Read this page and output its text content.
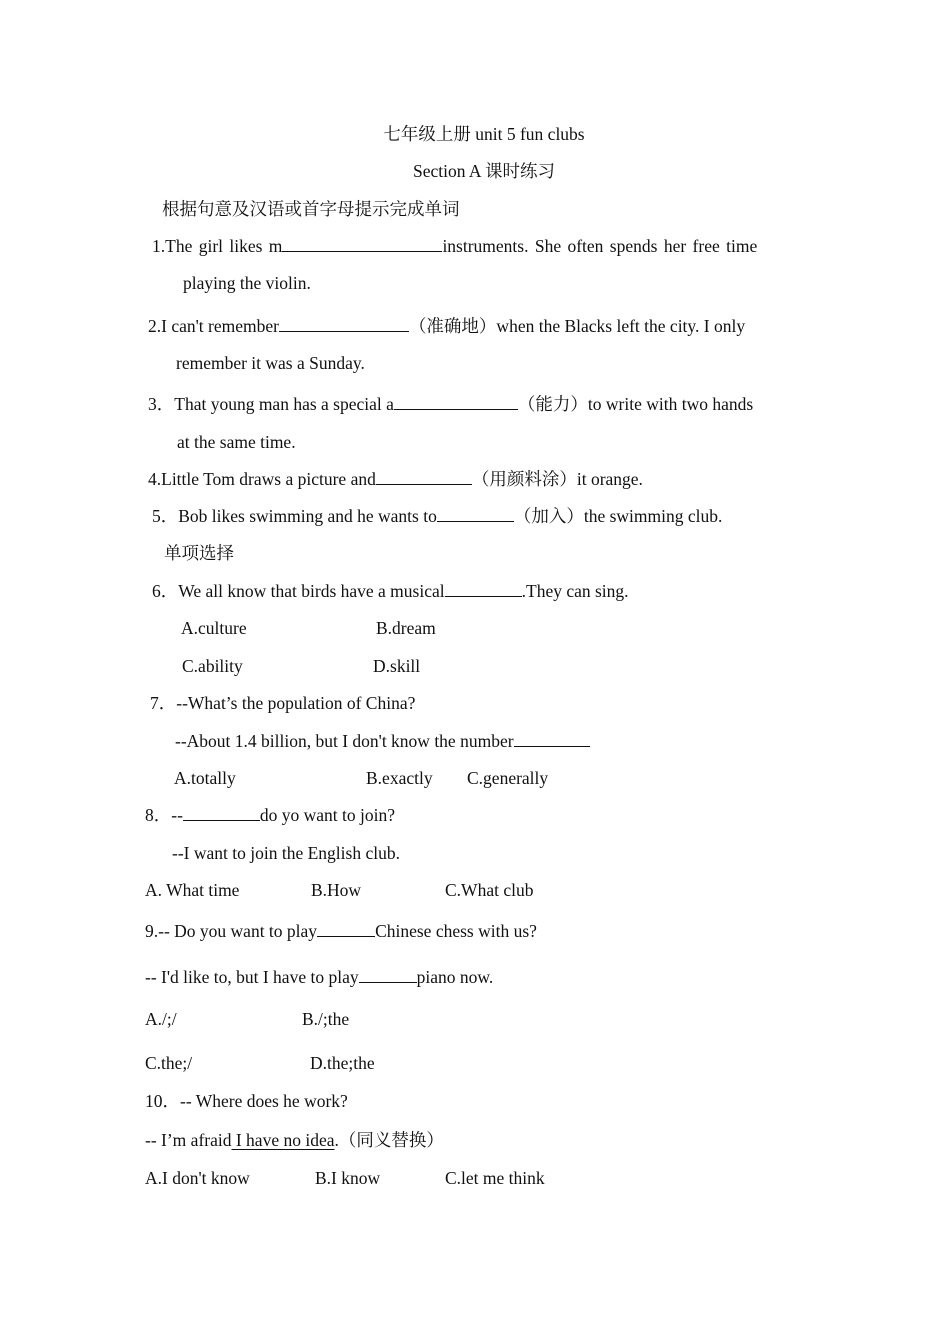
七年级上册 unit 5 fun clubs
Section A 课时练习
根据句意及汉语或首字母提示完成单词
1.The girl likes m	instruments. She often spends her free time
playing the violin.
2.I can't remember	（准确地）when the Blacks left the city. I only
remember it was a Sunday.
3．That young man has a special a	（能力）to write with two hands
at the same time.
4.Little Tom draws a picture and	（用颜料涂）it orange.
5．Bob likes swimming and he wants to	（加入）the swimming club.
单项选择
6．We all know that birds have a musical	.They can sing.
A.culture	B.dream
C.ability	D.skill
7．--What’s the population of China?
--About 1.4 billion, but I don't know the number
A.totally	B.exactly C.generally
8．--	do yo want to join?
--I want to join the English club.
A. What time	B.How	C.What club
9.-- Do you want to play	Chinese chess with us?
-- I'd like to, but I have to play	piano now.
A./;/	B./;the
C.the;/	D.the;the
10．-- Where does he work?
-- I’m afraid I have no idea.（同义替换）
A.I don't know	B.I know	C.let me think
